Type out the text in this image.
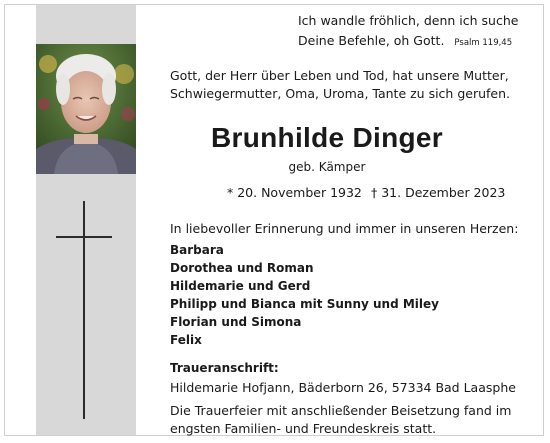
Ich wandle fröhlich, denn ich suche
Deine Befehle, oh Gott. Psalm 119,45
Gott, der Herr über Leben und Tod, hat unsere Mutter,
Schwiegermutter, Oma, Uroma, Tante zu sich gerufen.
Brunhilde Dinger
geb. Kämper
* 20. November 1932 † 31. Dezember 2023
In liebevoller Erinnerung und immer in unseren Herzen:
Barbara
Dorothea und Roman
Hildemarie und Gerd
Philipp und Bianca mit Sunny und Miley
Florian und Simona
Felix
Traueranschrift:
Hildemarie Hofjann, Bäderborn 26, 57334 Bad Laasphe
Die Trauerfeier mit anschließender Beisetzung fand im
engsten Familien- und Freundeskreis statt.
